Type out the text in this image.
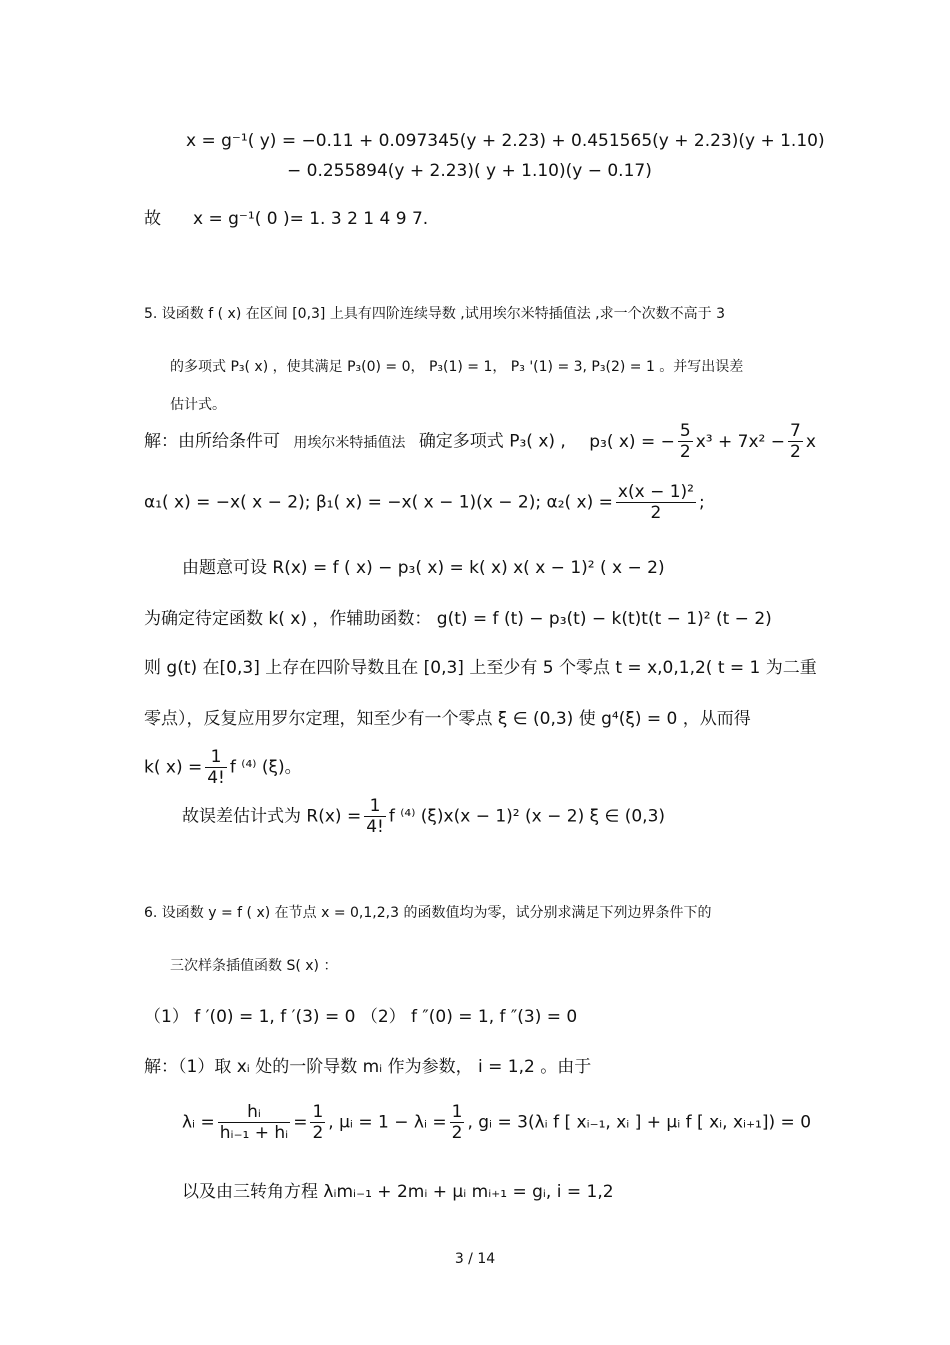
x = g⁻¹( y) = −0.11 + 0.097345(y + 2.23) + 0.451565(y + 2.23)(y + 1.10)
− 0.255894(y + 2.23)( y + 1.10)(y − 0.17)
故 x = g⁻¹( 0 )= 1. 3 2 1 4 9 7.
5. 设函数 f ( x) 在区间 [0,3] 上具有四阶连续导数 ,试用埃尔米特插值法 ,求一个次数不高于 3
的多项式 P₃( x) ，使其满足 P₃(0) = 0， P₃(1) = 1， P₃ '(1) = 3, P₃(2) = 1 。并写出误差
估计式。
解：由所给条件可 用埃尔米特插值法 确定多项式 P₃( x) , p₃( x) = − $\frac{5}{2} x^3 + 7x^2 - \frac{7}{2}$ x
α₁( x) = −x( x − 2); β₁( x) = −x( x − 1)(x − 2); α₂( $x) = \frac{\text{x(x − 1)²}}{2}$ ;
由题意可设 R(x) = f ( x) − p₃( x) = k( x) x( x − 1)² ( x − 2)
为确定待定函数 k( x) ，作辅助函数： g(t) = f (t) − p₃(t) − k(t)t(t − 1)² (t − 2)
则 g(t) 在[0,3] 上存在四阶导数且在 [0,3] 上至少有 5 个零点 t = x,0,1,2( t = 1 为二重
零点），反复应用罗尔定理，知至少有一个零点 ξ ∈ (0,3) 使 g⁴(ξ) = 0 ，从而得
k( $x) = \frac{1}{4!}$ f ⁽⁴⁾ (ξ)。
故误差估计式为 $R(x) = \frac{1}{4!}$ f ⁽⁴⁾ (ξ)x(x − 1)² (x − 2) ξ ∈ (0,3)
6. 设函数 y = f ( x) 在节点 x = 0,1,2,3 的函数值均为零，试分别求满足下列边界条件下的
三次样条插值函数 S( x) ：
（1） f ′(0) = 1, f ′(3) = 0 （2） f ″(0) = 1, f ″(3) = 0
解：（1）取 xᵢ 处的一阶导数 mᵢ 作为参数， i = 1,2 。由于
λᵢ = $\frac{\text{hᵢ}}{\text{hᵢ₋₁ + hᵢ}} = \frac{1}{2}$ , μᵢ = 1 − λᵢ = $\frac{1}{2}$ , gᵢ = 3(λᵢ f [ xᵢ₋₁, xᵢ ] + μᵢ f [ xᵢ, xᵢ₊₁]) = 0
以及由三转角方程 λᵢmᵢ₋₁ + 2mᵢ + μᵢ mᵢ₊₁ = gᵢ, i = 1,2
3 / 14
